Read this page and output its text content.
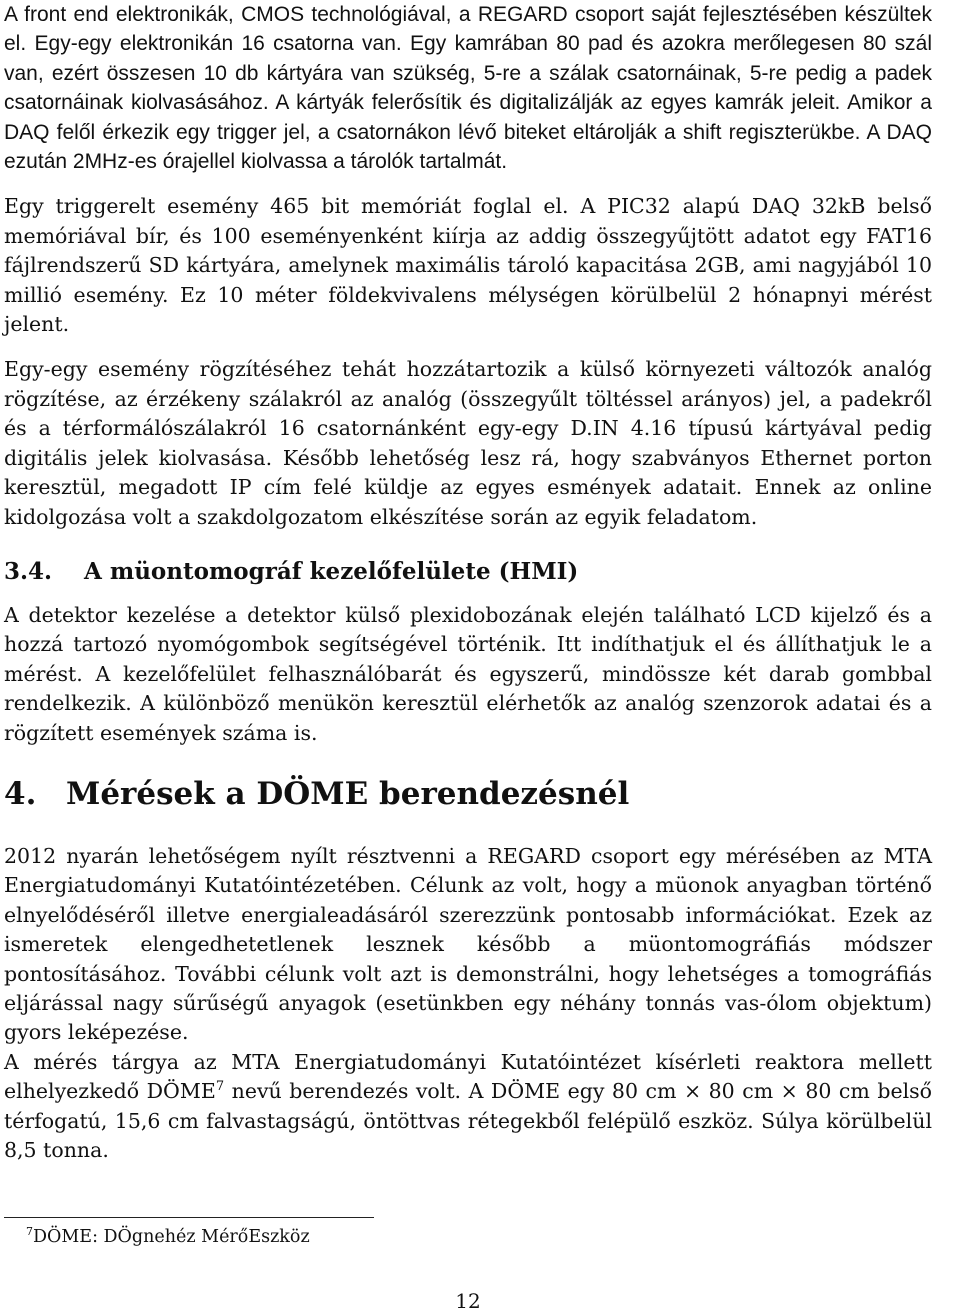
A front end elektronikák, CMOS technológiával, a REGARD csoport saját fejlesztésében készültek el. Egy-egy elektronikán 16 csatorna van. Egy kamrában 80 pad és azokra merőlegesen 80 szál van, ezért összesen 10 db kártyára van szükség, 5-re a szálak csatornáinak, 5-re pedig a padek csatornáinak kiolvasásához. A kártyák felerősítik és digitalizálják az egyes kamrák jeleit. Amikor a DAQ felől érkezik egy trigger jel, a csatornákon lévő biteket eltárolják a shift regiszterükbe. A DAQ ezután 2MHz-es órajellel kiolvassa a tárolók tartalmát.

Egy triggerelt esemény 465 bit memóriát foglal el. A PIC32 alapú DAQ 32kB belső memóriával bír, és 100 eseményenként kiírja az addig összegyűjtött adatot egy FAT16 fájlrendszerű SD kártyára, amelynek maximális tároló kapacitása 2GB, ami nagyjából 10 millió esemény. Ez 10 méter földekvivalens mélységen körülbelül 2 hónapnyi mérést jelent.

Egy-egy esemény rögzítéséhez tehát hozzátartozik a külső környezeti változók analóg rögzítése, az érzékeny szálakról az analóg (összegyűlt töltéssel arányos) jel, a padekről és a térformálószálakról 16 csatornánként egy-egy D.IN 4.16 típusú kártyával pedig digitális jelek kiolvasása. Később lehetőség lesz rá, hogy szabványos Ethernet porton keresztül, megadott IP cím felé küldje az egyes esmények adatait. Ennek az online kidolgozása volt a szakdolgozatom elkészítése során az egyik feladatom.

3.4. A müontomográf kezelőfelülete (HMI)

A detektor kezelése a detektor külső plexidobozának elején található LCD kijelző és a hozzá tartozó nyomógombok segítségével történik. Itt indíthatjuk el és állíthatjuk le a mérést. A kezelőfelület felhasználóbarát és egyszerű, mindössze két darab gombbal rendelkezik. A különböző menükön keresztül elérhetők az analóg szenzorok adatai és a rögzített események száma is.

4. Mérések a DÖME berendezésnél

2012 nyarán lehetőségem nyílt résztvenni a REGARD csoport egy mérésében az MTA Energiatudományi Kutatóintézetében. Célunk az volt, hogy a müonok anyagban történő elnyelődéséről illetve energialeadásáról szerezzünk pontosabb információkat. Ezek az ismeretek elengedhetetlenek lesznek később a müontomográfiás módszer pontosításához. További célunk volt azt is demonstrálni, hogy lehetséges a tomográfiás eljárással nagy sűrűségű anyagok (esetünkben egy néhány tonnás vas-ólom objektum) gyors leképezése.

A mérés tárgya az MTA Energiatudományi Kutatóintézet kísérleti reaktora mellett elhelyezkedő DÖME$^7$ nevű berendezés volt. A DÖME egy 80 cm × 80 cm × 80 cm belső térfogatú, 15,6 cm falvastagságú, öntöttvas rétegekből felépülő eszköz. Súlya körülbelül 8,5 tonna.

$^7$DÖME: DÖgnehéz MérőEszköz
12
